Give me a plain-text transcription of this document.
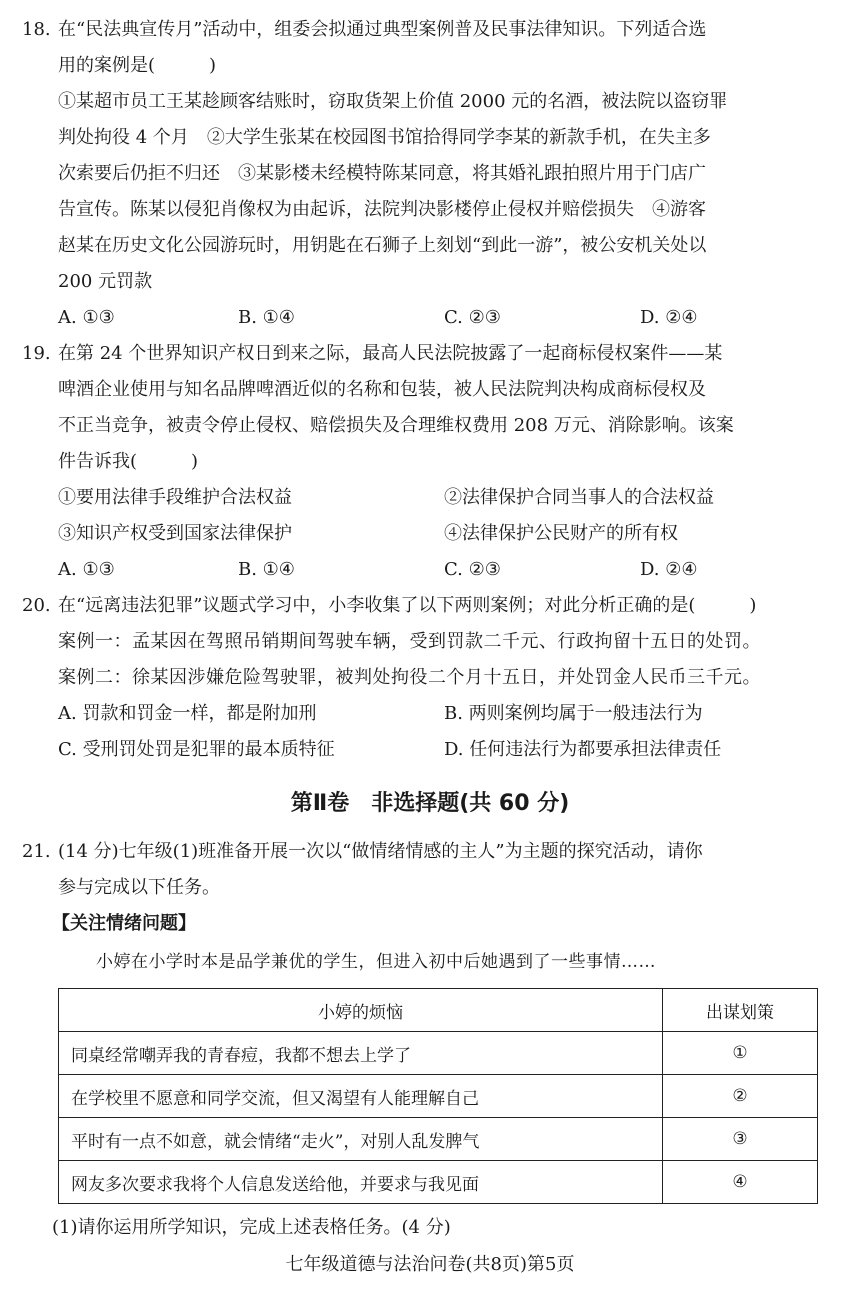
18. 在“民法典宣传月”活动中，组委会拟通过典型案例普及民事法律知识。下列适合选
用的案例是(　　　)
①某超市员工王某趁顾客结账时，窃取货架上价值 2000 元的名酒，被法院以盗窃罪
判处拘役 4 个月　②大学生张某在校园图书馆拾得同学李某的新款手机，在失主多
次索要后仍拒不归还　③某影楼未经模特陈某同意，将其婚礼跟拍照片用于门店广
告宣传。陈某以侵犯肖像权为由起诉，法院判决影楼停止侵权并赔偿损失　④游客
赵某在历史文化公园游玩时，用钥匙在石狮子上刻划“到此一游”，被公安机关处以
200 元罚款
A. ①③	B. ①④	C. ②③	D. ②④
19. 在第 24 个世界知识产权日到来之际，最高人民法院披露了一起商标侵权案件——某
啤酒企业使用与知名品牌啤酒近似的名称和包装，被人民法院判决构成商标侵权及
不正当竞争，被责令停止侵权、赔偿损失及合理维权费用 208 万元、消除影响。该案
件告诉我(　　　)
①要用法律手段维护合法权益	②法律保护合同当事人的合法权益
③知识产权受到国家法律保护	④法律保护公民财产的所有权
A. ①③	B. ①④	C. ②③	D. ②④
20. 在“远离违法犯罪”议题式学习中，小李收集了以下两则案例；对此分析正确的是(　　　)
案例一：孟某因在驾照吊销期间驾驶车辆，受到罚款二千元、行政拘留十五日的处罚。
案例二：徐某因涉嫌危险驾驶罪，被判处拘役二个月十五日，并处罚金人民币三千元。
A. 罚款和罚金一样，都是附加刑	B. 两则案例均属于一般违法行为
C. 受刑罚处罚是犯罪的最本质特征	D. 任何违法行为都要承担法律责任
第Ⅱ卷　非选择题(共 60 分)
21. (14 分)七年级(1)班准备开展一次以“做情绪情感的主人”为主题的探究活动，请你
参与完成以下任务。
【关注情绪问题】
小婷在小学时本是品学兼优的学生，但进入初中后她遇到了一些事情……
小婷的烦恼	出谋划策
同桌经常嘲弄我的青春痘，我都不想去上学了	①
在学校里不愿意和同学交流，但又渴望有人能理解自己	②
平时有一点不如意，就会情绪“走火”，对别人乱发脾气	③
网友多次要求我将个人信息发送给他，并要求与我见面	④
(1)请你运用所学知识，完成上述表格任务。(4 分)
七年级道德与法治问卷(共8页)第5页
